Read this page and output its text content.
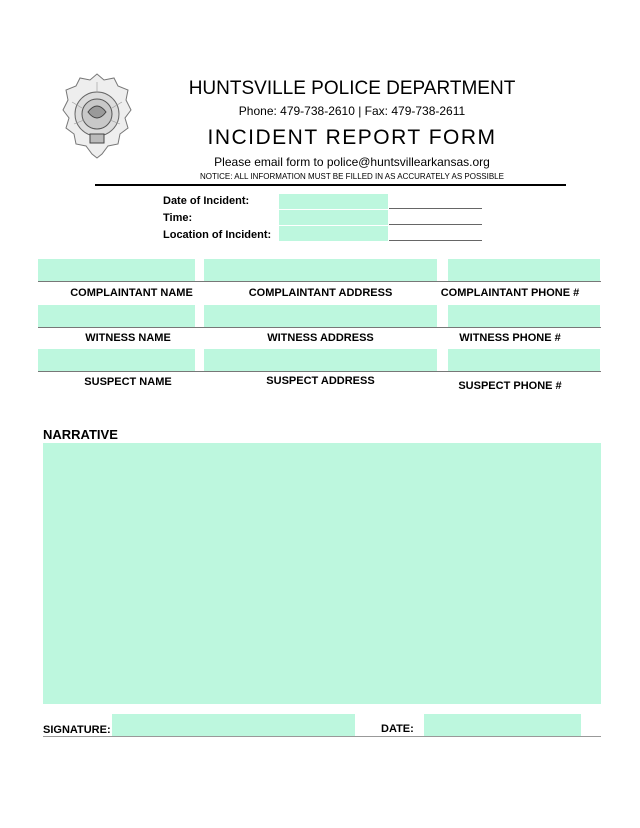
HUNTSVILLE POLICE DEPARTMENT
Phone: 479-738-2610 | Fax: 479-738-2611
INCIDENT REPORT FORM
Please email form to police@huntsvillearkansas.org
NOTICE: ALL INFORMATION MUST BE FILLED IN AS ACCURATELY AS POSSIBLE
Date of Incident:
Time:
Location of Incident:
COMPLAINTANT NAME	COMPLAINTANT ADDRESS	COMPLAINTANT PHONE #
WITNESS NAME	WITNESS ADDRESS	WITNESS PHONE #
SUSPECT NAME	SUSPECT ADDRESS	SUSPECT PHONE #
NARRATIVE
SIGNATURE:	DATE:
